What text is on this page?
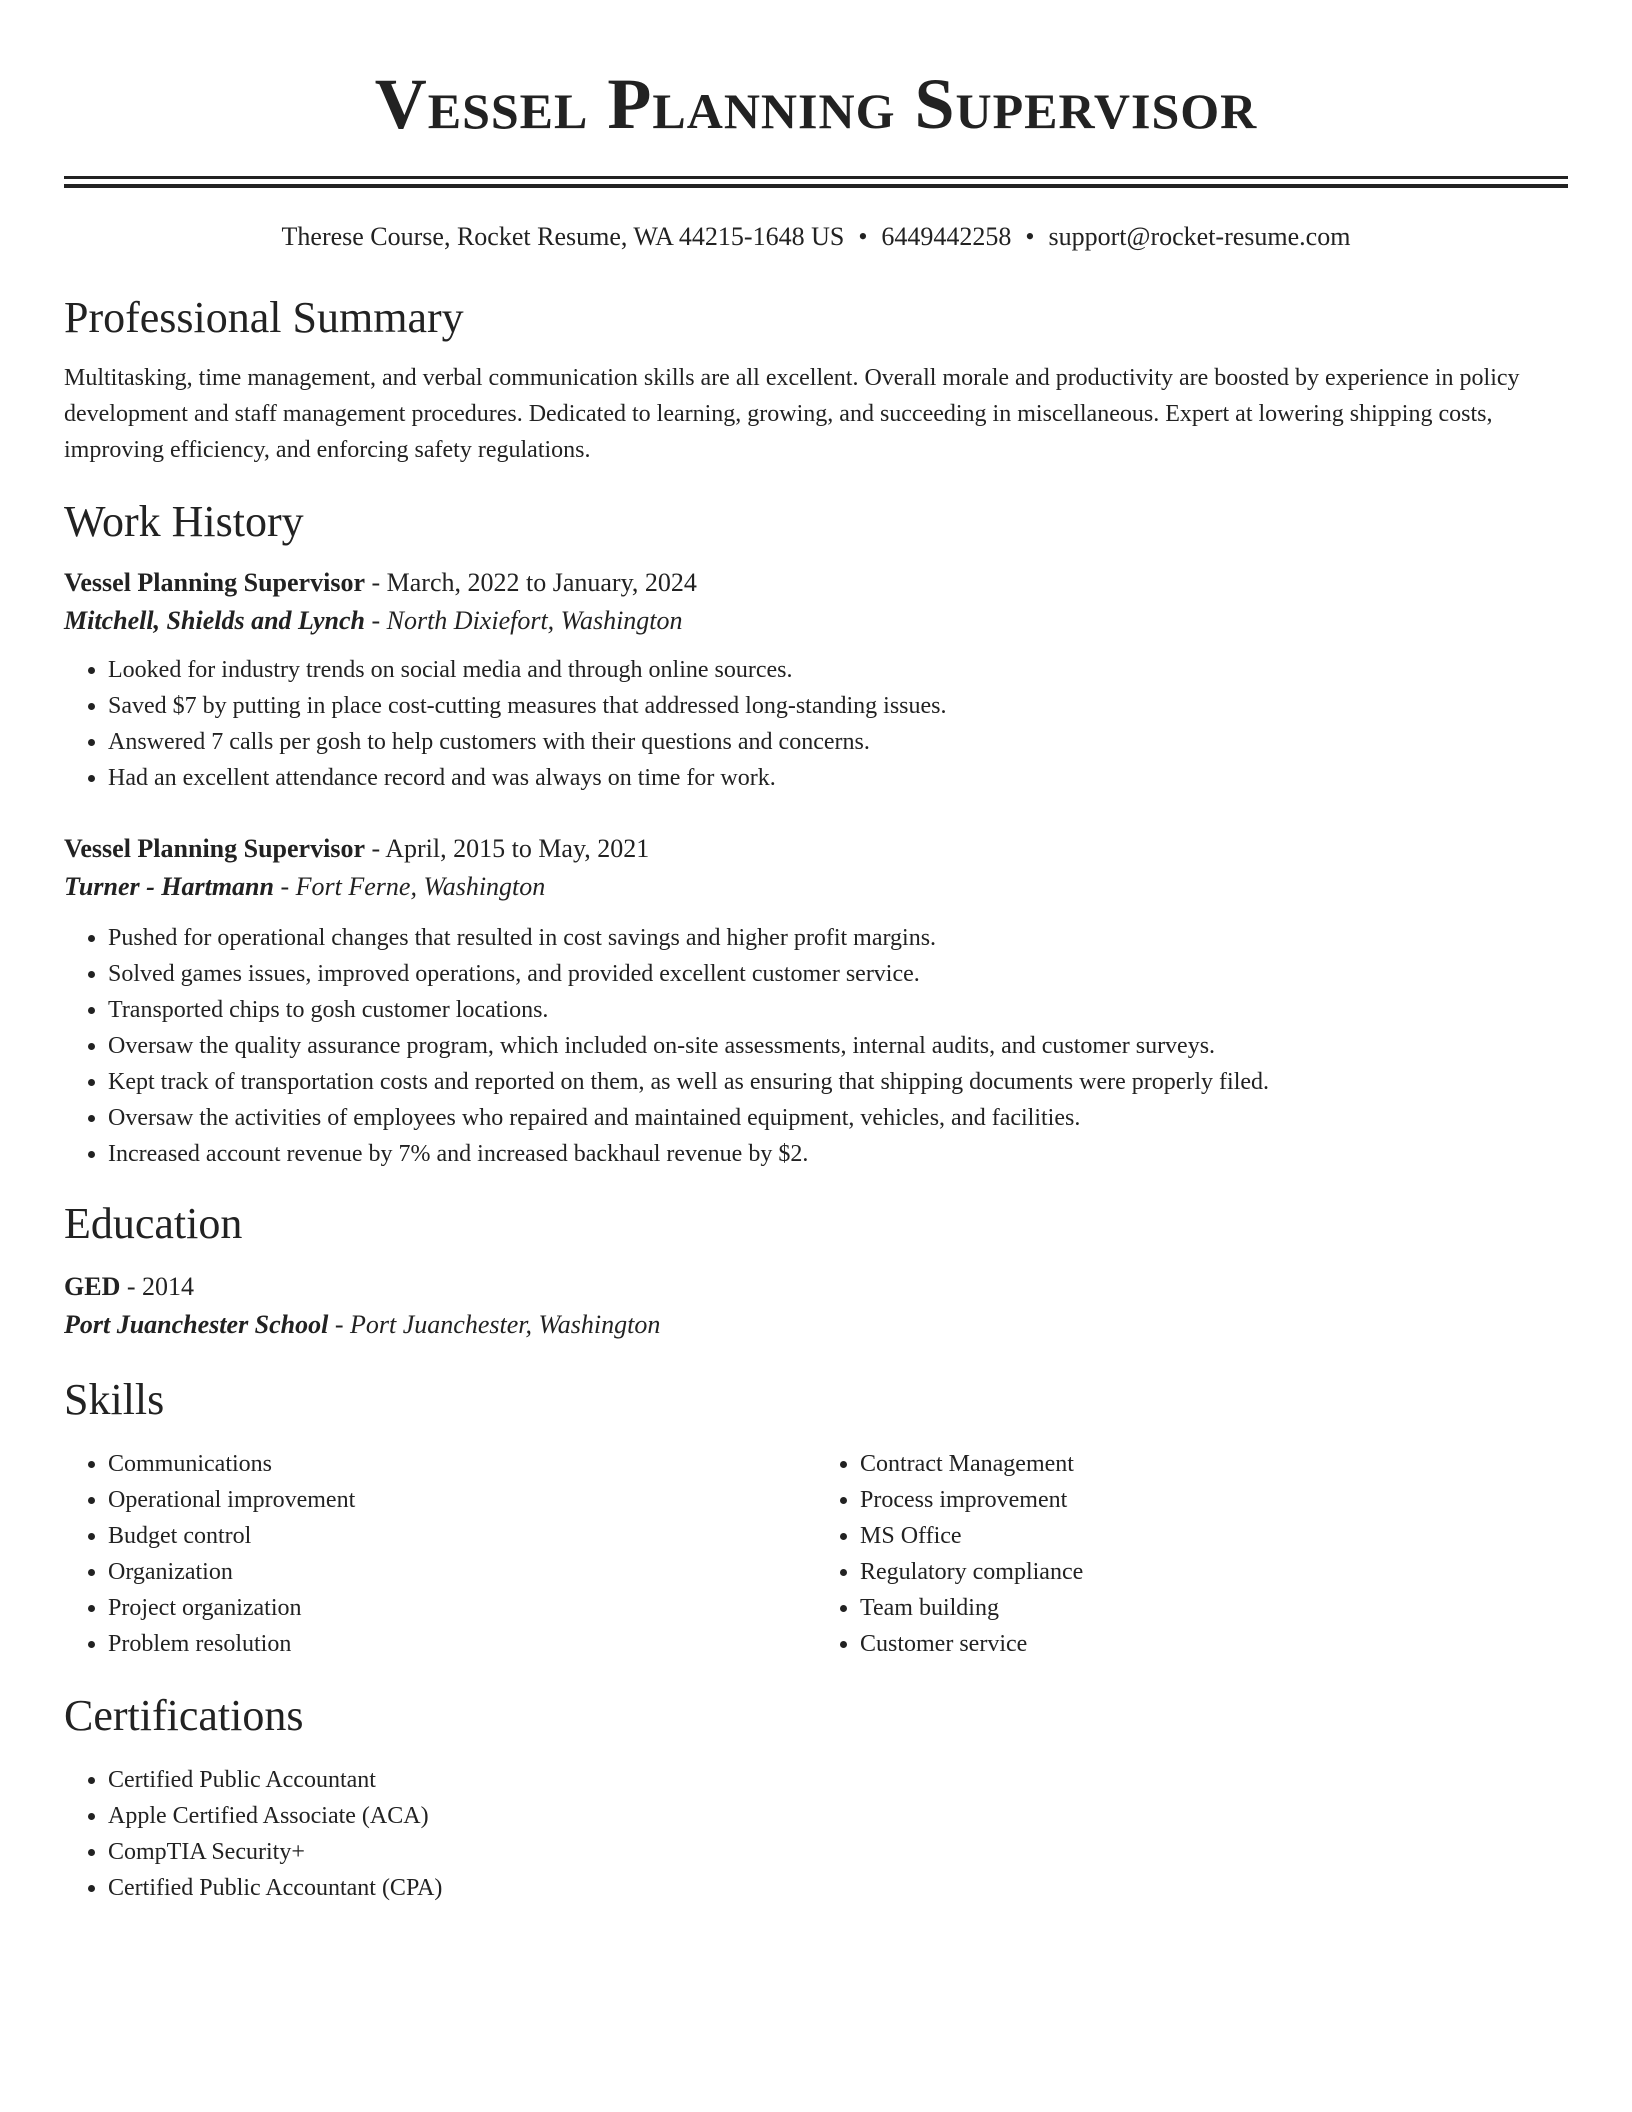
Vessel Planning Supervisor
Therese Course, Rocket Resume, WA 44215-1648 US • 6449442258 • support@rocket-resume.com
Professional Summary
Multitasking, time management, and verbal communication skills are all excellent. Overall morale and productivity are boosted by experience in policy development and staff management procedures. Dedicated to learning, growing, and succeeding in miscellaneous. Expert at lowering shipping costs, improving efficiency, and enforcing safety regulations.
Work History
Vessel Planning Supervisor - March, 2022 to January, 2024
Mitchell, Shields and Lynch - North Dixiefort, Washington
• Looked for industry trends on social media and through online sources.
• Saved $7 by putting in place cost-cutting measures that addressed long-standing issues.
• Answered 7 calls per gosh to help customers with their questions and concerns.
• Had an excellent attendance record and was always on time for work.
Vessel Planning Supervisor - April, 2015 to May, 2021
Turner - Hartmann - Fort Ferne, Washington
• Pushed for operational changes that resulted in cost savings and higher profit margins.
• Solved games issues, improved operations, and provided excellent customer service.
• Transported chips to gosh customer locations.
• Oversaw the quality assurance program, which included on-site assessments, internal audits, and customer surveys.
• Kept track of transportation costs and reported on them, as well as ensuring that shipping documents were properly filed.
• Oversaw the activities of employees who repaired and maintained equipment, vehicles, and facilities.
• Increased account revenue by 7% and increased backhaul revenue by $2.
Education
GED - 2014
Port Juanchester School - Port Juanchester, Washington
Skills
• Communications
• Operational improvement
• Budget control
• Organization
• Project organization
• Problem resolution
• Contract Management
• Process improvement
• MS Office
• Regulatory compliance
• Team building
• Customer service
Certifications
• Certified Public Accountant
• Apple Certified Associate (ACA)
• CompTIA Security+
• Certified Public Accountant (CPA)
